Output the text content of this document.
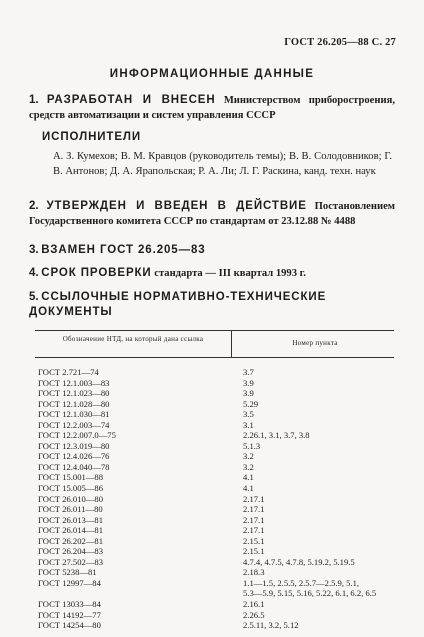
ГОСТ 26.205—88 С. 27
ИНФОРМАЦИОННЫЕ ДАННЫЕ
1. РАЗРАБОТАН И ВНЕСЕН Министерством приборостроения, средств автоматизации и систем управления СССР
ИСПОЛНИТЕЛИ
А. З. Кумехов; В. М. Кравцов (руководитель темы); В. В. Солодовников; Г. В. Антонов; Д. А. Ярапольская; Р. А. Ли; Л. Г. Раскина, канд. техн. наук
2. УТВЕРЖДЕН И ВВЕДЕН В ДЕЙСТВИЕ Постановлением Государственного комитета СССР по стандартам от 23.12.88 № 4488
3. ВЗАМЕН ГОСТ 26.205—83
4. СРОК ПРОВЕРКИ стандарта — III квартал 1993 г.
5. ССЫЛОЧНЫЕ НОРМАТИВНО-ТЕХНИЧЕСКИЕ ДОКУМЕНТЫ
Обозначение НТД, на который дана ссылка	Номер пункта
ГОСТ 2.721—74	3.7
ГОСТ 12.1.003—83	3.9
ГОСТ 12.1.023—80	3.9
ГОСТ 12.1.028—80	5.29
ГОСТ 12.1.030—81	3.5
ГОСТ 12.2.003—74	3.1
ГОСТ 12.2.007.0—75	2.26.1, 3.1, 3.7, 3.8
ГОСТ 12.3.019—80	5.1.3
ГОСТ 12.4.026—76	3.2
ГОСТ 12.4.040—78	3.2
ГОСТ 15.001—88	4.1
ГОСТ 15.005—86	4.1
ГОСТ 26.010—80	2.17.1
ГОСТ 26.011—80	2.17.1
ГОСТ 26.013—81	2.17.1
ГОСТ 26.014—81	2.17.1
ГОСТ 26.202—81	2.15.1
ГОСТ 26.204—83	2.15.1
ГОСТ 27.502—83	4.7.4, 4.7.5, 4.7.8, 5.19.2, 5.19.5
ГОСТ 5238—81	2.18.3
ГОСТ 12997—84	1.1—1.5, 2.5.5, 2.5.7—2.5.9, 5.1,
5.3—5.9, 5.15, 5.16, 5.22, 6.1, 6.2, 6.5
ГОСТ 13033—84	2.16.1
ГОСТ 14192—77	2.26.5
ГОСТ 14254—80	2.5.11, 3.2, 5.12
